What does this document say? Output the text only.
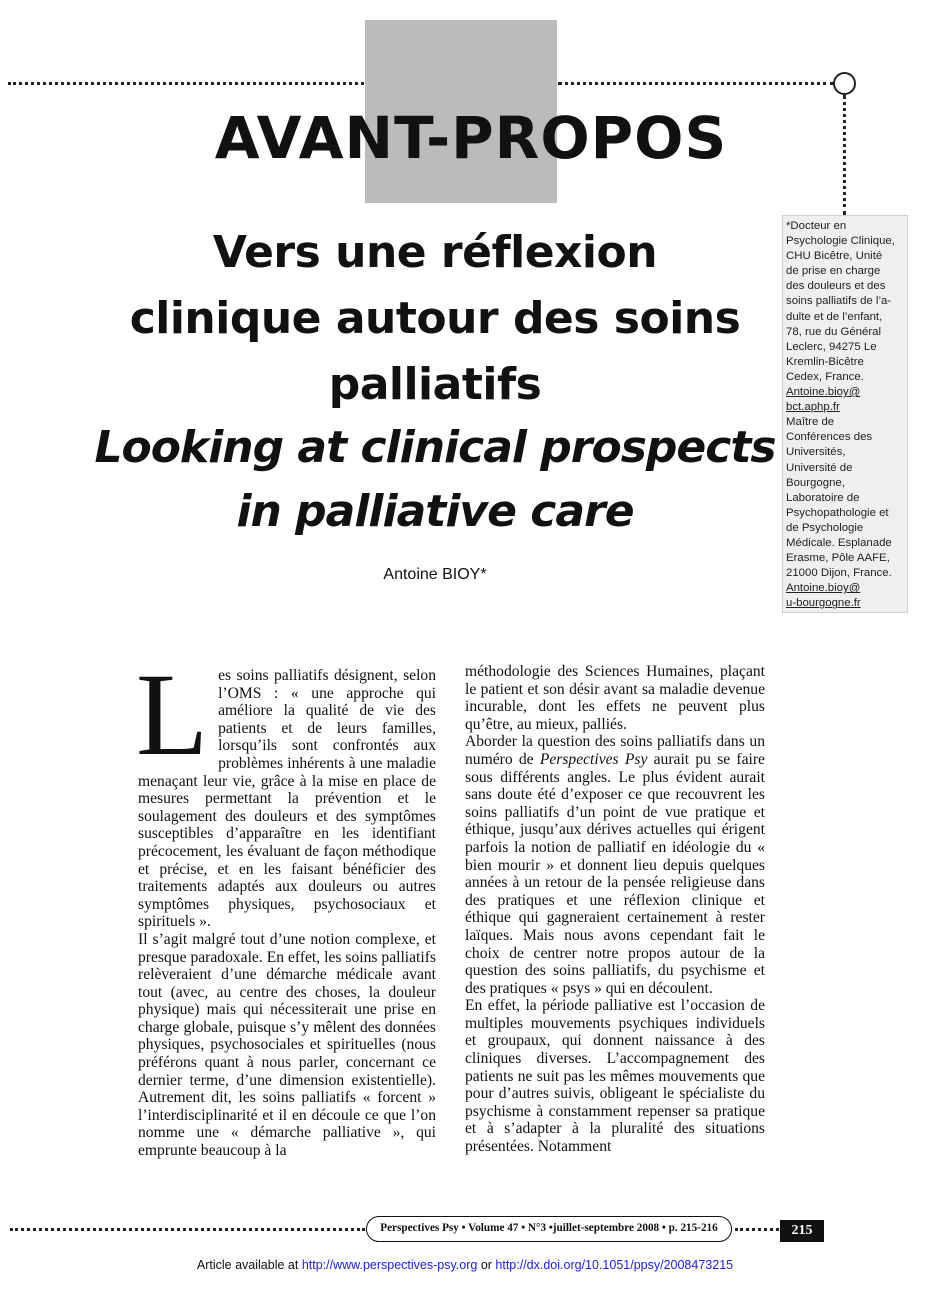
AVANT-PROPOS
*Docteur en
Psychologie Clinique,
CHU Bicêtre, Unité
de prise en charge
des douleurs et des
soins palliatifs de l’a-
dulte et de l’enfant,
78, rue du Général
Leclerc, 94275 Le
Kremlin-Bicêtre
Cedex, France.
Antoine.bioy@
bct.aphp.fr
Maître de
Conférences des
Universités,
Université de
Bourgogne,
Laboratoire de
Psychopathologie et
de Psychologie
Médicale. Esplanade
Erasme, Pôle AAFE,
21000 Dijon, France.
Antoine.bioy@
u-bourgogne.fr
Vers une réflexion
clinique autour des soins
palliatifs
Looking at clinical prospects
in palliative care
Antoine BIOY*

Les soins palliatifs désignent, selon l’OMS : « une approche qui améliore la qualité de vie des patients et de leurs familles, lorsqu’ils sont confrontés aux problèmes inhérents à une maladie menaçant leur vie, grâce à la mise en place de mesures permettant la prévention et le soulagement des douleurs et des symptômes susceptibles d’apparaître en les identifiant précocement, les évaluant de façon méthodique et précise, et en les faisant bénéficier des traitements adaptés aux douleurs ou autres symptômes physiques, psychosociaux et spirituels ».

Il s’agit malgré tout d’une notion complexe, et presque paradoxale. En effet, les soins palliatifs relèveraient d’une démarche médicale avant tout (avec, au centre des choses, la douleur physique) mais qui nécessiterait une prise en charge globale, puisque s’y mêlent des données physiques, psychosociales et spirituelles (nous préférons quant à nous parler, concernant ce dernier terme, d’une dimension existentielle). Autrement dit, les soins palliatifs « forcent » l’interdisciplinarité et il en découle ce que l’on nomme une « démarche palliative », qui emprunte beaucoup à la

méthodologie des Sciences Humaines, plaçant le patient et son désir avant sa maladie devenue incurable, dont les effets ne peuvent plus qu’être, au mieux, palliés.

Aborder la question des soins palliatifs dans un numéro de Perspectives Psy aurait pu se faire sous différents angles. Le plus évident aurait sans doute été d’exposer ce que recouvrent les soins palliatifs d’un point de vue pratique et éthique, jusqu’aux dérives actuelles qui érigent parfois la notion de palliatif en idéologie du « bien mourir » et donnent lieu depuis quelques années à un retour de la pensée religieuse dans des pratiques et une réflexion clinique et éthique qui gagneraient certainement à rester laïques. Mais nous avons cependant fait le choix de centrer notre propos autour de la question des soins palliatifs, du psychisme et des pratiques « psys » qui en découlent.

En effet, la période palliative est l’occasion de multiples mouvements psychiques individuels et groupaux, qui donnent naissance à des cliniques diverses. L’accompagnement des patients ne suit pas les mêmes mouvements que pour d’autres suivis, obligeant le spécialiste du psychisme à constamment repenser sa pratique et à s’adapter à la pluralité des situations présentées. Notamment

Perspectives Psy • Volume 47 • N°3 •juillet-septembre 2008 • p. 215-216	215
Article available at http://www.perspectives-psy.org or http://dx.doi.org/10.1051/ppsy/2008473215
